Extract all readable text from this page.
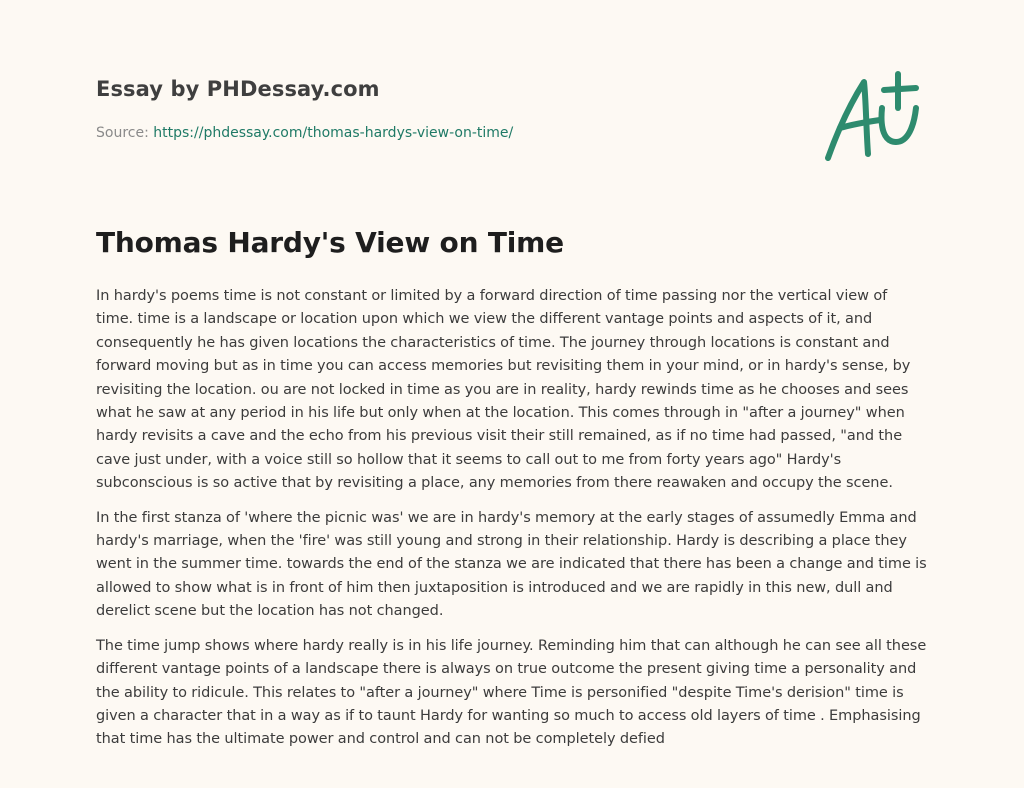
Essay by PHDessay.com
Source: https://phdessay.com/thomas-hardys-view-on-time/
Thomas Hardy's View on Time

In hardy's poems time is not constant or limited by a forward direction of time passing nor the vertical view of time. time is a landscape or location upon which we view the different vantage points and aspects of it, and consequently he has given locations the characteristics of time. The journey through locations is constant and forward moving but as in time you can access memories but revisiting them in your mind, or in hardy's sense, by revisiting the location. ou are not locked in time as you are in reality, hardy rewinds time as he chooses and sees what he saw at any period in his life but only when at the location. This comes through in "after a journey" when hardy revisits a cave and the echo from his previous visit their still remained, as if no time had passed, "and the cave just under, with a voice still so hollow that it seems to call out to me from forty years ago" Hardy's subconscious is so active that by revisiting a place, any memories from there reawaken and occupy the scene.

In the first stanza of 'where the picnic was' we are in hardy's memory at the early stages of assumedly Emma and hardy's marriage, when the 'fire' was still young and strong in their relationship. Hardy is describing a place they went in the summer time. towards the end of the stanza we are indicated that there has been a change and time is allowed to show what is in front of him then juxtaposition is introduced and we are rapidly in this new, dull and derelict scene but the location has not changed.

The time jump shows where hardy really is in his life journey. Reminding him that can although he can see all these different vantage points of a landscape there is always on true outcome the present giving time a personality and the ability to ridicule. This relates to "after a journey" where Time is personified "despite Time's derision" time is given a character that in a way as if to taunt Hardy for wanting so much to access old layers of time . Emphasising that time has the ultimate power and control and can not be completely defied
